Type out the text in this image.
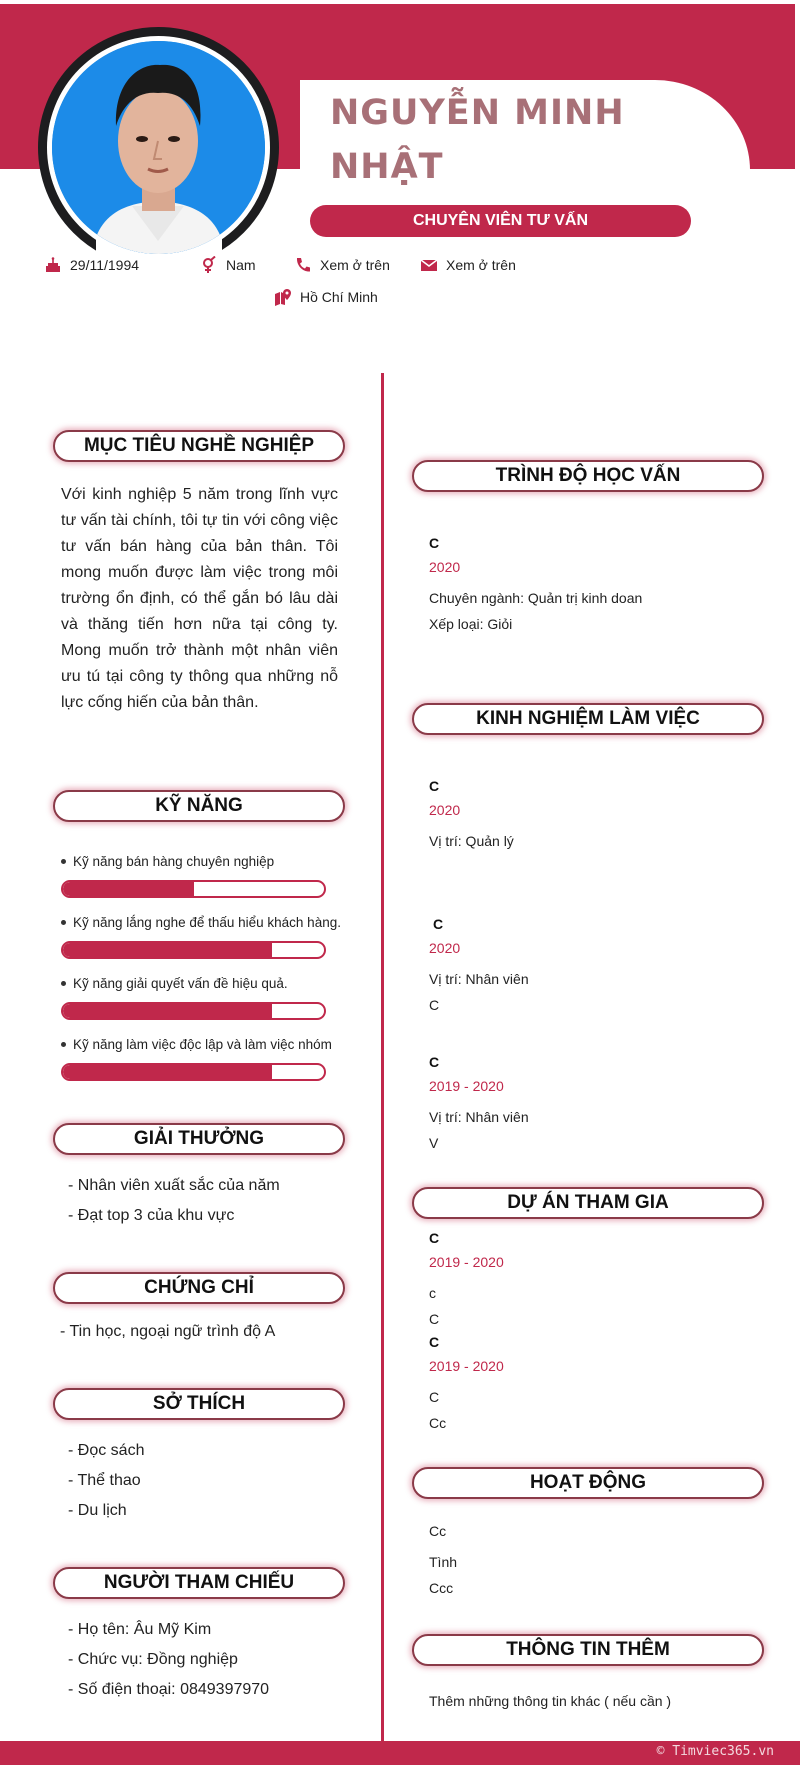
NGUYỄN MINH
NHẬT
CHUYÊN VIÊN TƯ VẤN
29/11/1994	Nam	Xem ở trên	Xem ở trên
Hồ Chí Minh
MỤC TIÊU NGHỀ NGHIỆP
Với kinh nghiệp 5 năm trong lĩnh vực tư vấn tài chính, tôi tự tin với công việc tư vấn bán hàng của bản thân. Tôi mong muốn được làm việc trong môi trường ổn định, có thể gắn bó lâu dài và thăng tiến hơn nữa tại công ty. Mong muốn trở thành một nhân viên ưu tú tại công ty thông qua những nỗ lực cống hiến của bản thân.
KỸ NĂNG
Kỹ năng bán hàng chuyên nghiệp
Kỹ năng lắng nghe để thấu hiểu khách hàng.
Kỹ năng giải quyết vấn đề hiệu quả.
Kỹ năng làm việc độc lập và làm việc nhóm
GIẢI THƯỞNG
- Nhân viên xuất sắc của năm
- Đạt top 3 của khu vực
CHỨNG CHỈ
- Tin học, ngoại ngữ trình độ A
SỞ THÍCH
- Đọc sách
- Thể thao
- Du lịch
NGƯỜI THAM CHIẾU
- Họ tên: Âu Mỹ Kim
- Chức vụ: Đồng nghiệp
- Số điện thoại: 0849397970
TRÌNH ĐỘ HỌC VẤN
C
2020
Chuyên ngành: Quản trị kinh doan
Xếp loại: Giỏi
KINH NGHIỆM LÀM VIỆC
C
2020
Vị trí: Quản lý
C
2020
Vị trí: Nhân viên
C
C
2019 - 2020
Vị trí: Nhân viên
V
DỰ ÁN THAM GIA
C
2019 - 2020
c
C
C
2019 - 2020
C
Cc
HOẠT ĐỘNG
Cc
Tình
Ccc
THÔNG TIN THÊM
Thêm những thông tin khác ( nếu cần )
© Timviec365.vn
